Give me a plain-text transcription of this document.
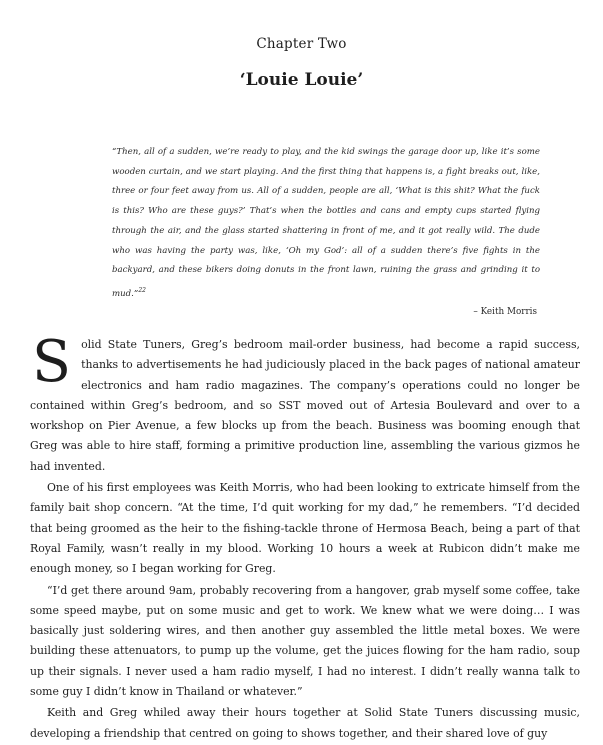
Chapter Two
‘Louie Louie’
“Then, all of a sudden, we’re ready to play, and the kid swings the garage door up, like it’s some wooden curtain, and we start playing. And the first thing that happens is, a fight breaks out, like, three or four feet away from us. All of a sudden, people are all, ‘What is this shit? What the fuck is this? Who are these guys?’ That’s when the bottles and cans and empty cups started flying through the air, and the glass started shattering in front of me, and it got really wild. The dude who was having the party was, like, ‘Oh my God’: all of a sudden there’s five fights in the backyard, and these bikers doing donuts in the front lawn, ruining the grass and grinding it to mud.”$^{22}$
– Keith Morris

Solid State Tuners, Greg’s bedroom mail-order business, had become a rapid success, thanks to advertisements he had judiciously placed in the back pages of national amateur electronics and ham radio magazines. The company’s operations could no longer be contained within Greg’s bedroom, and so SST moved out of Artesia Boulevard and over to a workshop on Pier Avenue, a few blocks up from the beach. Business was booming enough that Greg was able to hire staff, forming a primitive production line, assembling the various gizmos he had invented.

One of his first employees was Keith Morris, who had been looking to extricate himself from the family bait shop concern. “At the time, I’d quit working for my dad,” he remembers. “I’d decided that being groomed as the heir to the fishing-tackle throne of Hermosa Beach, being a part of that Royal Family, wasn’t really in my blood. Working 10 hours a week at Rubicon didn’t make me enough money, so I began working for Greg.

“I’d get there around 9am, probably recovering from a hangover, grab myself some coffee, take some speed maybe, put on some music and get to work. We knew what we were doing… I was basically just soldering wires, and then another guy assembled the little metal boxes. We were building these attenuators, to pump up the volume, get the juices flowing for the ham radio, soup up their signals. I never used a ham radio myself, I had no interest. I didn’t really wanna talk to some guy I didn’t know in Thailand or whatever.”

Keith and Greg whiled away their hours together at Solid State Tuners discussing music, developing a friendship that centred on going to shows together, and their shared love of guy
